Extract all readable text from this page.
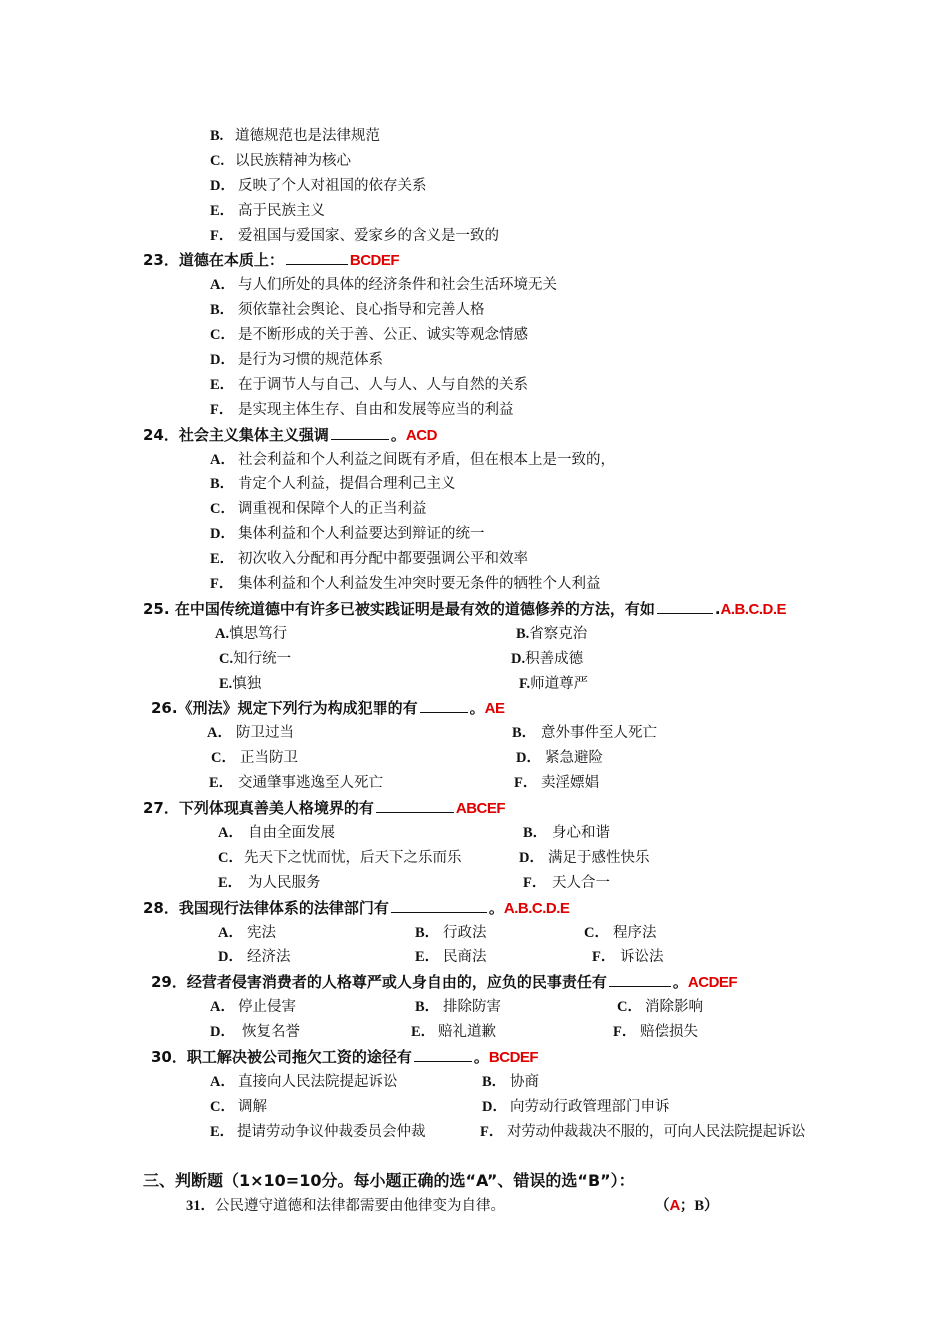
B. 道德规范也是法律规范
C. 以民族精神为核心
D． 反映了个人对祖国的依存关系
E． 高于民族主义
F． 爱祖国与爱国家、爱家乡的含义是一致的
23．道德在本质上：	BCDEF
A． 与人们所处的具体的经济条件和社会生活环境无关
B． 须依靠社会舆论、良心指导和完善人格
C． 是不断形成的关于善、公正、诚实等观念情感
D． 是行为习惯的规范体系
E． 在于调节人与自己、人与人、人与自然的关系
F． 是实现主体生存、自由和发展等应当的利益
24．社会主义集体主义强调	。ACD
A． 社会利益和个人利益之间既有矛盾，但在根本上是一致的，
B． 肯定个人利益，提倡合理利己主义
C． 调重视和保障个人的正当利益
D． 集体利益和个人利益要达到辩证的统一
E． 初次收入分配和再分配中都要强调公平和效率
F． 集体利益和个人利益发生冲突时要无条件的牺牲个人利益
25. 在中国传统道德中有许多已被实践证明是最有效的道德修养的方法，有如	.A.B.C.D.E
A.慎思笃行	B.省察克治
C.知行统一	D.积善成德
E.慎独	F.师道尊严
26.《刑法》规定下列行为构成犯罪的有	。AE
A． 防卫过当	B． 意外事件至人死亡
C． 正当防卫	D． 紧急避险
E． 交通肇事逃逸至人死亡	F． 卖淫嫖娼
27．下列体现真善美人格境界的有	ABCEF
A． 自由全面发展	B． 身心和谐
C． 先天下之忧而忧，后天下之乐而乐	D． 满足于感性快乐
E． 为人民服务	F． 天人合一
28．我国现行法律体系的法律部门有	。A.B.C.D.E
A． 宪法	B． 行政法	C． 程序法
D． 经济法	E． 民商法	F． 诉讼法
29．经营者侵害消费者的人格尊严或人身自由的，应负的民事责任有	。ACDEF
A． 停止侵害	B． 排除防害	C． 消除影响
D． 恢复名誉	E． 赔礼道歉	F． 赔偿损失
30．职工解决被公司拖欠工资的途径有	。BCDEF
A． 直接向人民法院提起诉讼	B． 协商
C． 调解	D． 向劳动行政管理部门申诉
E． 提请劳动争议仲裁委员会仲裁	F． 对劳动仲裁裁决不服的，可向人民法院提起诉讼
三、判断题（1×10=10分。每小题正确的选“A”、错误的选“B”）：
31．公民遵守道德和法律都需要由他律变为自律。	（A；B）
